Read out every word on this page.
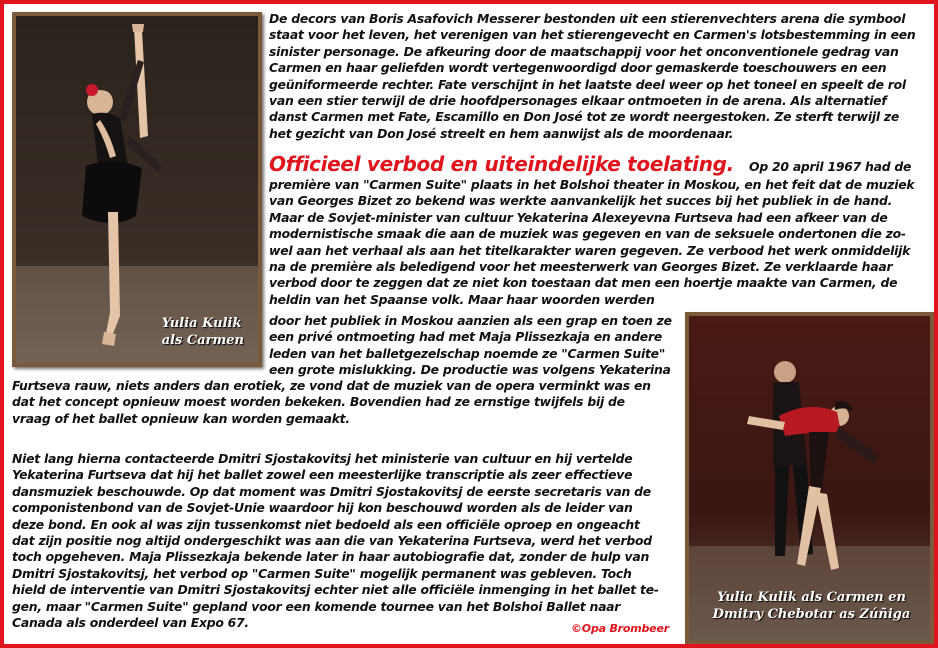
Yulia Kulik
als Carmen

De decors van Boris Asafovich Messerer bestonden uit een stierenvechters arena die symbool
staat voor het leven, het verenigen van het stierengevecht en Carmen's lotsbestemming in een
sinister personage. De afkeuring door de maatschappij voor het onconventionele gedrag van
Carmen en haar geliefden wordt vertegenwoordigd door gemaskerde toeschouwers en een
geüniformeerde rechter. Fate verschijnt in het laatste deel weer op het toneel en speelt de rol
van een stier terwijl de drie hoofdpersonages elkaar ontmoeten in de arena. Als alternatief
danst Carmen met Fate, Escamillo en Don José tot ze wordt neergestoken. Ze sterft terwijl ze
het gezicht van Don José streelt en hem aanwijst als de moordenaar.

Officieel verbod en uiteindelijke toelating. Op 20 april 1967 had de

première van "Carmen Suite" plaats in het Bolshoi theater in Moskou, en het feit dat de muziek
van Georges Bizet zo bekend was werkte aanvankelijk het succes bij het publiek in de hand.
Maar de Sovjet-minister van cultuur Yekaterina Alexeyevna Furtseva had een afkeer van de
modernistische smaak die aan de muziek was gegeven en van de seksuele ondertonen die zo-
wel aan het verhaal als aan het titelkarakter waren gegeven. Ze verbood het werk onmiddelijk
na de première als beledigend voor het meesterwerk van Georges Bizet. Ze verklaarde haar
verbod door te zeggen dat ze niet kon toestaan dat men een hoertje maakte van Carmen, de
heldin van het Spaanse volk. Maar haar woorden werden

door het publiek in Moskou aanzien als een grap en toen ze
een privé ontmoeting had met Maja Plissezkaja en andere
leden van het balletgezelschap noemde ze "Carmen Suite"
een grote mislukking. De productie was volgens Yekaterina

Furtseva rauw, niets anders dan erotiek, ze vond dat de muziek van de opera verminkt was en
dat het concept opnieuw moest worden bekeken. Bovendien had ze ernstige twijfels bij de
vraag of het ballet opnieuw kan worden gemaakt.

Niet lang hierna contacteerde Dmitri Sjostakovitsj het ministerie van cultuur en hij vertelde
Yekaterina Furtseva dat hij het ballet zowel een meesterlijke transcriptie als zeer effectieve
dansmuziek beschouwde. Op dat moment was Dmitri Sjostakovitsj de eerste secretaris van de
componistenbond van de Sovjet-Unie waardoor hij kon beschouwd worden als de leider van
deze bond. En ook al was zijn tussenkomst niet bedoeld als een officiële oproep en ongeacht
dat zijn positie nog altijd ondergeschikt was aan die van Yekaterina Furtseva, werd het verbod
toch opgeheven. Maja Plissezkaja bekende later in haar autobiografie dat, zonder de hulp van
Dmitri Sjostakovitsj, het verbod op "Carmen Suite" mogelijk permanent was gebleven. Toch
hield de interventie van Dmitri Sjostakovitsj echter niet alle officiële inmenging in het ballet te-
gen, maar "Carmen Suite" gepland voor een komende tournee van het Bolshoi Ballet naar
Canada als onderdeel van Expo 67.	©Opa Brombeer
Yulia Kulik als Carmen en
Dmitry Chebotar as Zúñiga
